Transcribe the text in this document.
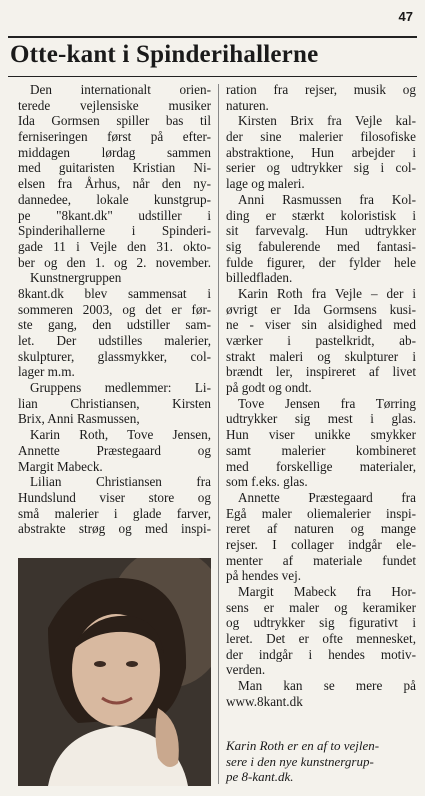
47
Otte-kant i Spinderihallerne
Den internationalt orien-
terede vejlensiske musiker
Ida Gormsen spiller bas til
ferniseringen først på efter-
middagen lørdag sammen
med guitaristen Kristian Ni-
elsen fra Århus, når den ny-
dannedee, lokale kunstgrup-
pe "8kant.dk" udstiller i
Spinderihallerne i Spinderi-
gade 11 i Vejle den 31. okto-
ber og den 1. og 2. november.
Kunstnergruppen
8kant.dk blev sammensat i
sommeren 2003, og det er før-
ste gang, den udstiller sam-
let. Der udstilles malerier,
skulpturer, glassmykker, col-
lager m.m.
Gruppens medlemmer: Li-
lian Christiansen, Kirsten
Brix, Anni Rasmussen,
Karin Roth, Tove Jensen,
Annette Præstegaard og
Margit Mabeck.
Lilian Christiansen fra
Hundslund viser store og
små malerier i glade farver,
abstrakte strøg og med inspi-
ration fra rejser, musik og
naturen.
Kirsten Brix fra Vejle kal-
der sine malerier filosofiske
abstraktione, Hun arbejder i
serier og udtrykker sig i col-
lage og maleri.
Anni Rasmussen fra Kol-
ding er stærkt koloristisk i
sit farvevalg. Hun udtrykker
sig fabulerende med fantasi-
fulde figurer, der fylder hele
billedfladen.
Karin Roth fra Vejle – der i
øvrigt er Ida Gormsens kusi-
ne - viser sin alsidighed med
værker i pastelkridt, ab-
strakt maleri og skulpturer i
brændt ler, inspireret af livet
på godt og ondt.
Tove Jensen fra Tørring
udtrykker sig mest i glas.
Hun viser unikke smykker
samt malerier kombineret
med forskellige materialer,
som f.eks. glas.
Annette Præstegaard fra
Egå maler oliemalerier inspi-
reret af naturen og mange
rejser. I collager indgår ele-
menter af materiale fundet
på hendes vej.
Margit Mabeck fra Hor-
sens er maler og keramiker
og udtrykker sig figurativt i
leret. Det er ofte mennesket,
der indgår i hendes motiv-
verden.
Man kan se mere på
www.8kant.dk
Karin Roth er en af to vejlen-
sere i den nye kunstnergrup-
pe 8-kant.dk.
